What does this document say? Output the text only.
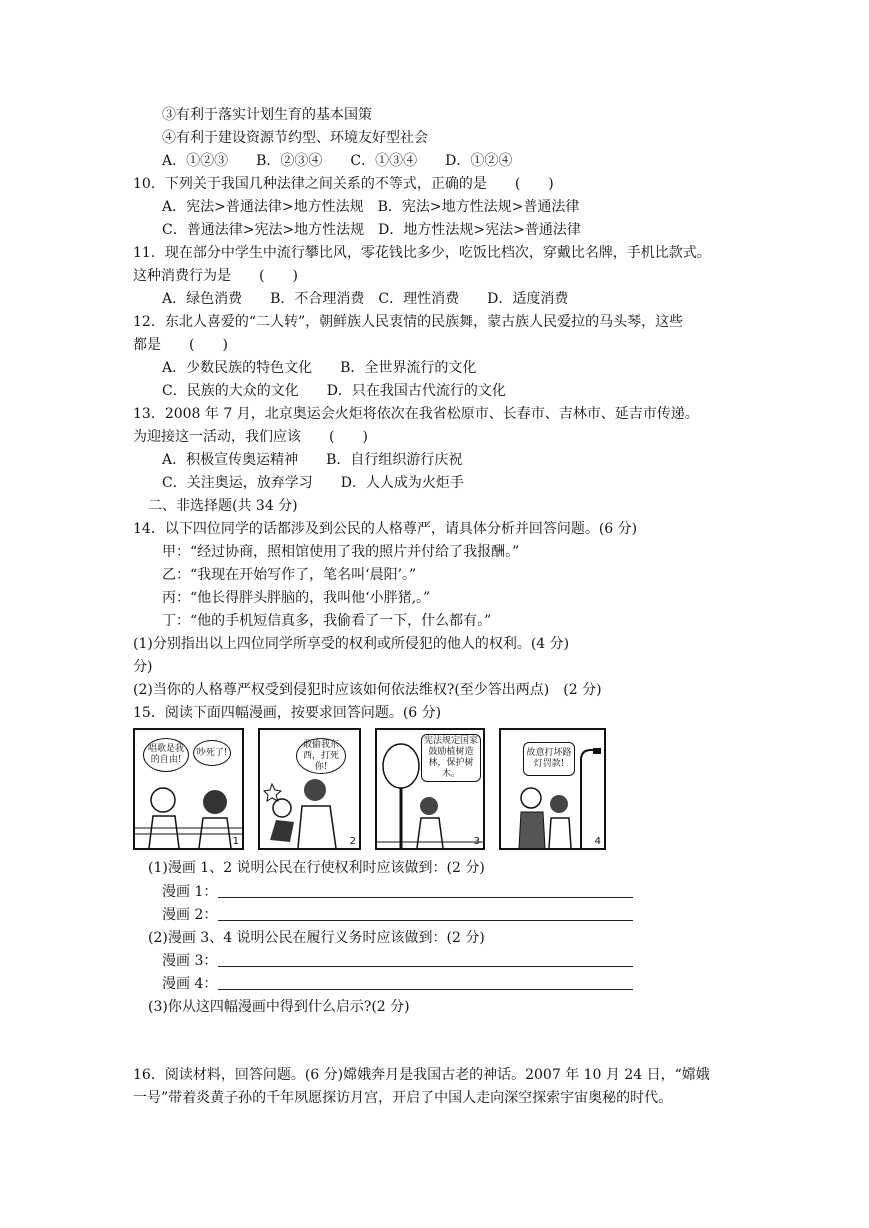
③有利于落实计划生育的基本国策
④有利于建设资源节约型、环境友好型社会
A．①②③　　B．②③④　　C．①③④　　D．①②④
10．下列关于我国几种法律之间关系的不等式，正确的是　　(　　)
A．宪法>普通法律>地方性法规　B．宪法>地方性法规>普通法律
C．普通法律>宪法>地方性法规　D．地方性法规>宪法>普通法律
11．现在部分中学生中流行攀比风，零花钱比多少，吃饭比档次，穿戴比名牌，手机比款式。
这种消费行为是　　(　　)
A．绿色消费　　B．不合理消费　C．理性消费　　D．适度消费
12．东北人喜爱的“二人转”，朝鲜族人民衷情的民族舞，蒙古族人民爱拉的马头琴，这些
都是　　(　　)
A．少数民族的特色文化　　B．全世界流行的文化
C．民族的大众的文化　　D．只在我国古代流行的文化
13．2008 年 7 月，北京奥运会火炬将依次在我省松原市、长春市、吉林市、延吉市传递。
为迎接这一活动，我们应该　　(　　)
A．积极宣传奥运精神　　B．自行组织游行庆祝
C．关注奥运，放弃学习　　D．人人成为火炬手
二、非选择题(共 34 分)
14．以下四位同学的话都涉及到公民的人格尊严，请具体分析并回答问题。(6 分)
甲：“经过协商，照相馆使用了我的照片并付给了我报酬。”
乙：“我现在开始写作了，笔名叫‘晨阳’。”
丙：“他长得胖头胖脑的，我叫他‘小胖猪,。”
丁：“他的手机短信真多，我偷看了一下，什么都有。”
(1)分别指出以上四位同学所享受的权利或所侵犯的他人的权利。(4 分)
分)
(2)当你的人格尊严权受到侵犯时应该如何依法维权?(至少答出两点)　(2 分)
15．阅读下面四幅漫画，按要求回答问题。(6 分)
唱歌是我的自由!
吵死了!
1
敢偷我东西，打死你!
2
宪法规定国家鼓励植树造林，保护树木。
3
故意打坏路灯罚款!
4
(1)漫画 1、2 说明公民在行使权利时应该做到：(2 分)
漫画 1：
漫画 2：
(2)漫画 3、4 说明公民在履行义务时应该做到：(2 分)
漫画 3：
漫画 4：
(3)你从这四幅漫画中得到什么启示?(2 分)
16．阅读材料，回答问题。(6 分)嫦娥奔月是我国古老的神话。2007 年 10 月 24 日，“嫦娥
一号”带着炎黄子孙的千年夙愿探访月宫，开启了中国人走向深空探索宇宙奥秘的时代。
